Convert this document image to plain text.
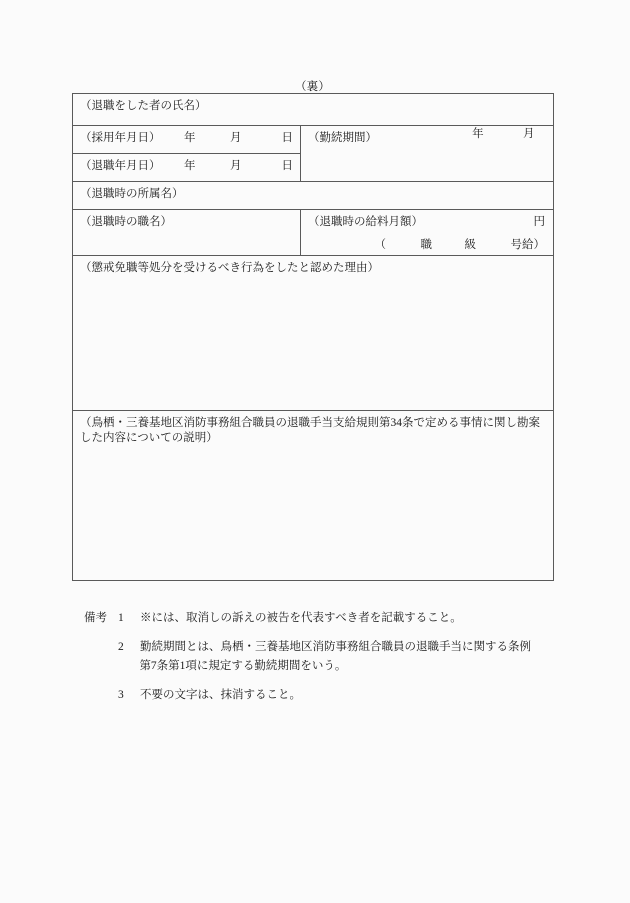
（裏）
（退職をした者の氏名）	

（採用年月日）	年	月	日	（勤続期間）	年	月

（退職年月日） 年 月 日	

（退職時の所属名）	

（退職時の職名）	（退職時の給料月額） 円
（ 職 級 号給）

（懲戒免職等処分を受けるべき行為をしたと認めた理由）	

（鳥栖・三養基地区消防事務組合職員の退職手当支給規則第34条で定める事情に関し勘案した内容についての説明）	
備考 1	※には、取消しの訴えの被告を代表すべき者を記載すること。
2	勤続期間とは、鳥栖・三養基地区消防事務組合職員の退職手当に関する条例
第7条第1項に規定する勤続期間をいう。
3	不要の文字は、抹消すること。
